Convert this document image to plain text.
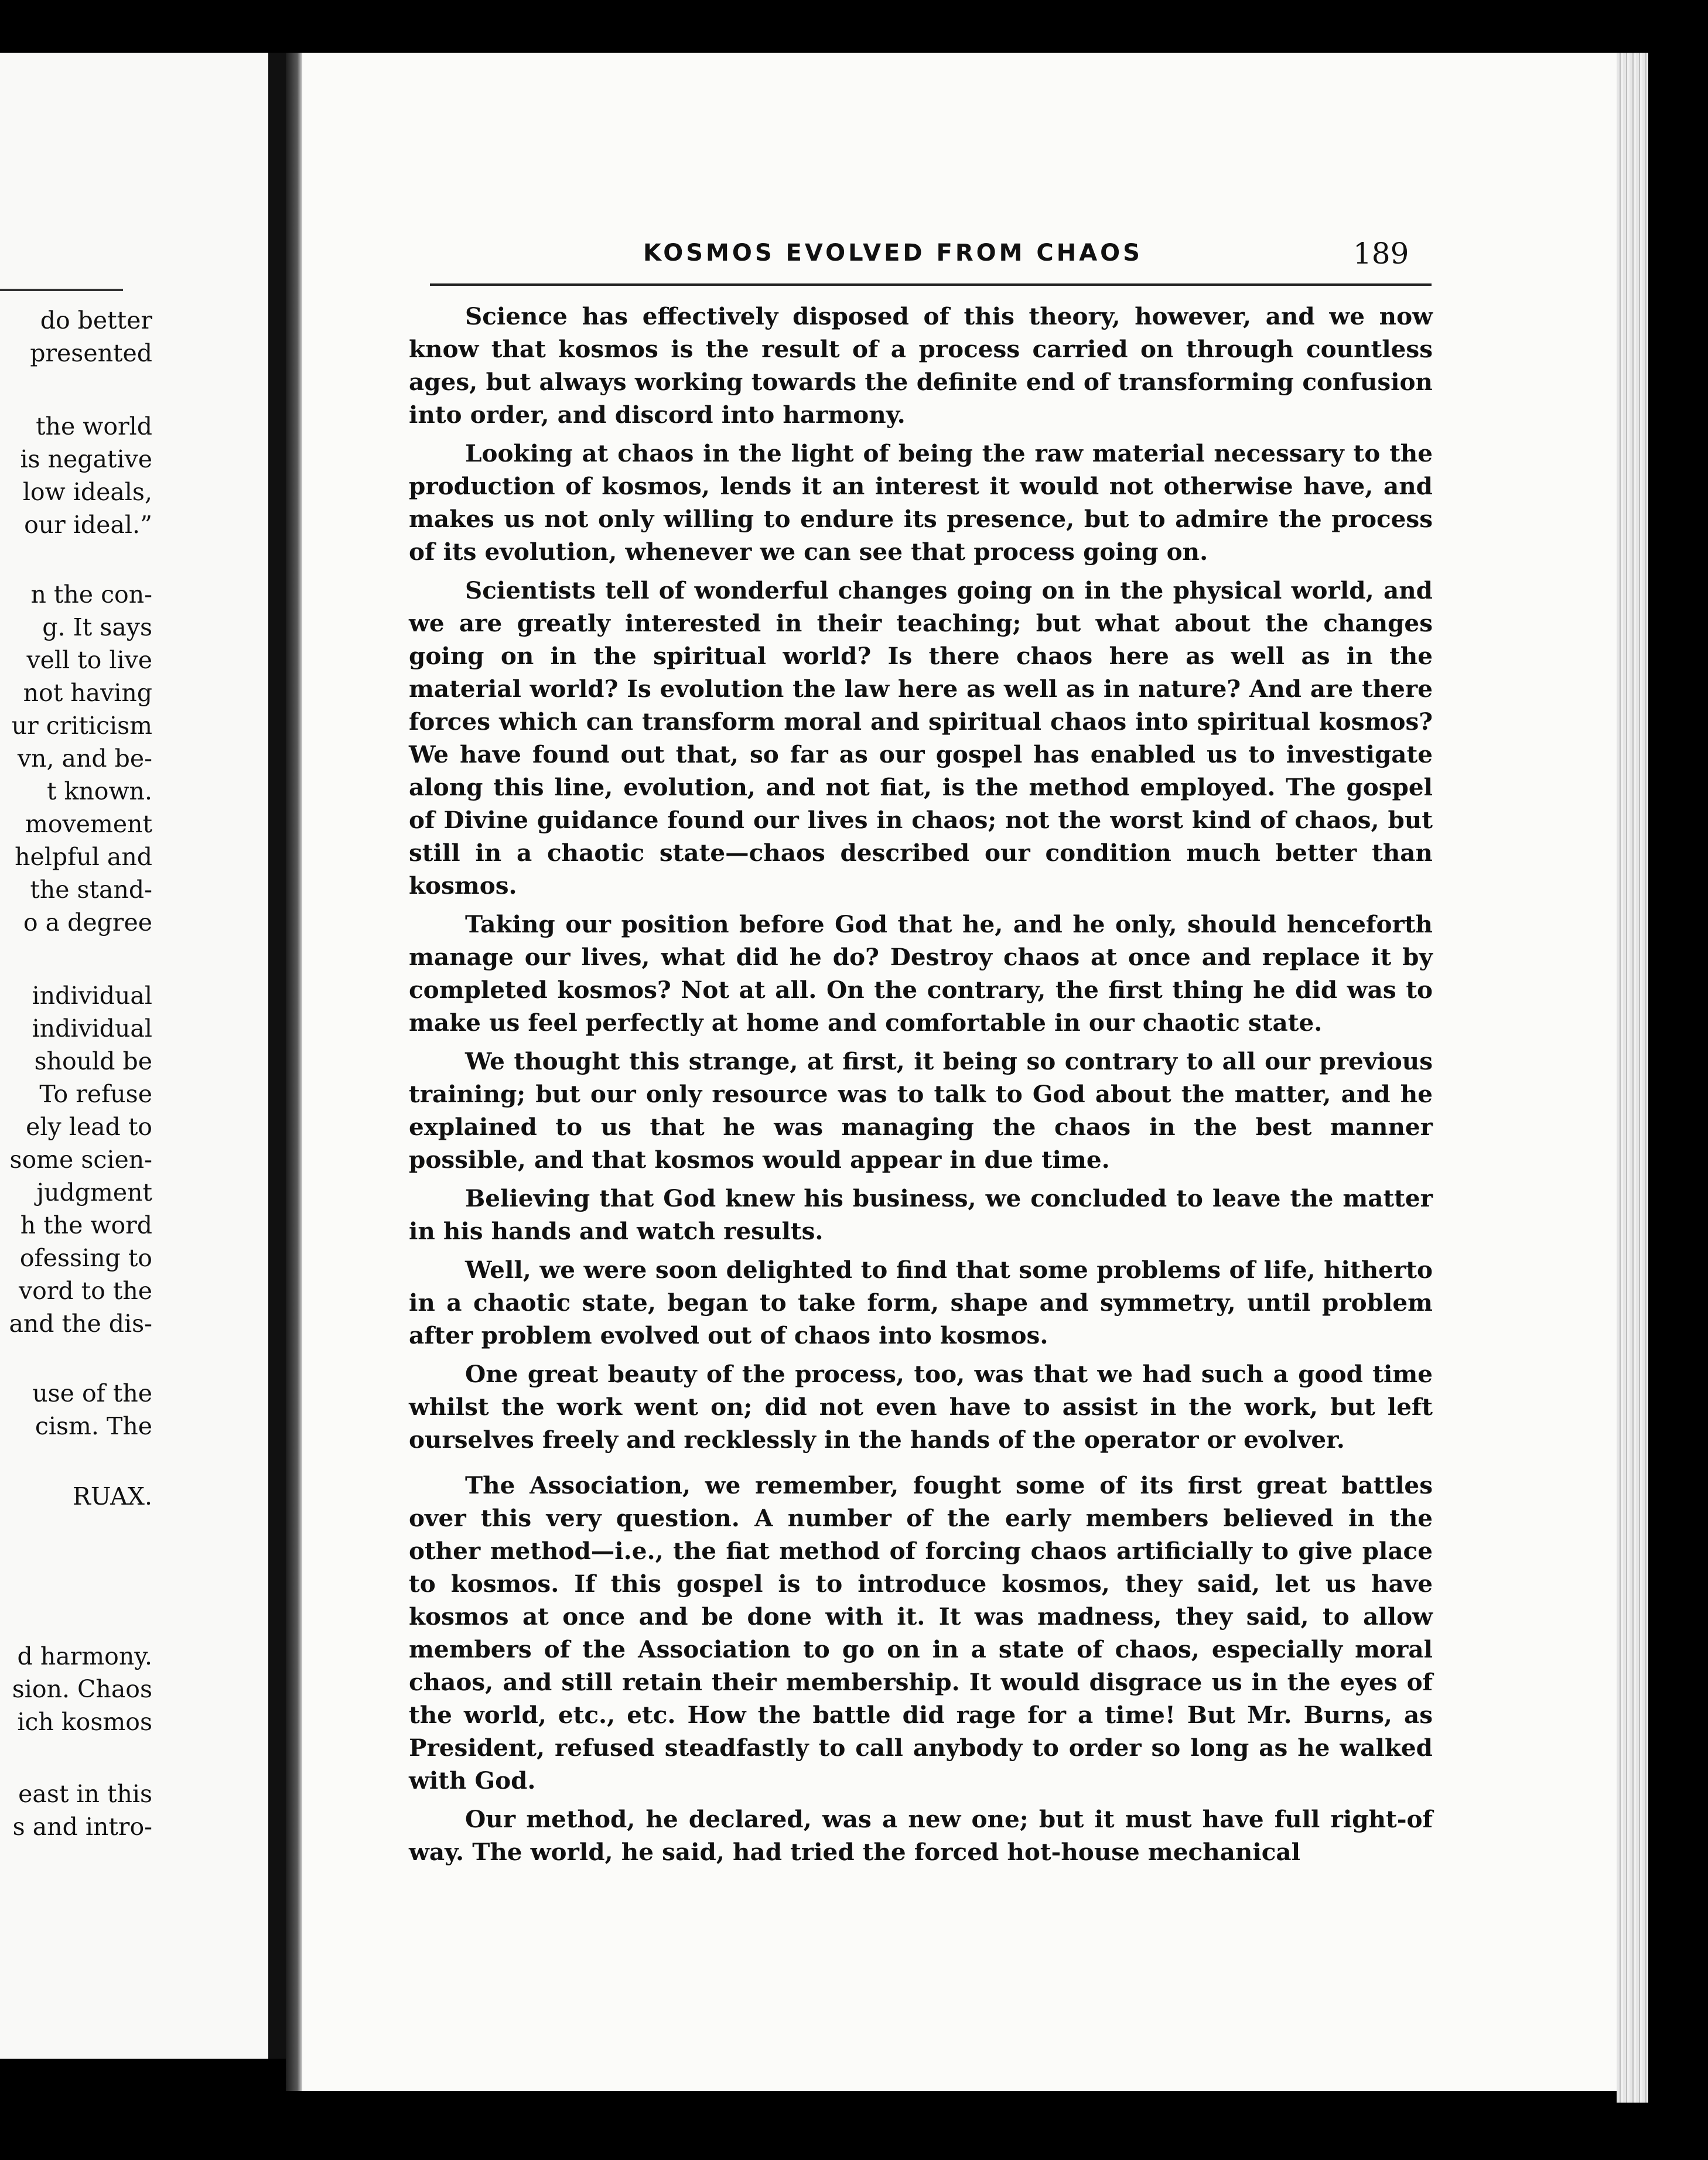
do better
presented
the world
is negative
low ideals,
our ideal.”
n the con-
g. It says
vell to live
not having
ur criticism
vn, and be-
t known.
movement
helpful and
the stand-
o a degree
individual
individual
should be
To refuse
ely lead to
some scien-
judgment
h the word
ofessing to
vord to the
and the dis-
use of the
cism. The
RUAX.
d harmony.
sion. Chaos
ich kosmos
east in this
s and intro-
KOSMOS EVOLVED FROM CHAOS	189

Science has effectively disposed of this theory, however, and we now know that kosmos is the result of a process carried on through countless ages, but always working towards the definite end of transforming confusion into order, and discord into harmony.

Looking at chaos in the light of being the raw material necessary to the production of kosmos, lends it an interest it would not otherwise have, and makes us not only willing to endure its presence, but to admire the process of its evolution, whenever we can see that process going on.

Scientists tell of wonderful changes going on in the physical world, and we are greatly interested in their teaching; but what about the changes going on in the spiritual world? Is there chaos here as well as in the material world? Is evolution the law here as well as in nature? And are there forces which can transform moral and spiritual chaos into spiritual kosmos? We have found out that, so far as our gospel has enabled us to investigate along this line, evolution, and not fiat, is the method employed. The gospel of Divine guidance found our lives in chaos; not the worst kind of chaos, but still in a chaotic state—chaos described our condition much better than kosmos.

Taking our position before God that he, and he only, should henceforth manage our lives, what did he do? Destroy chaos at once and replace it by completed kosmos? Not at all. On the contrary, the first thing he did was to make us feel perfectly at home and comfortable in our chaotic state.

We thought this strange, at first, it being so contrary to all our previous training; but our only resource was to talk to God about the matter, and he explained to us that he was managing the chaos in the best manner possible, and that kosmos would appear in due time.

Believing that God knew his business, we concluded to leave the matter in his hands and watch results.

Well, we were soon delighted to find that some problems of life, hitherto in a chaotic state, began to take form, shape and symmetry, until problem after problem evolved out of chaos into kosmos.

One great beauty of the process, too, was that we had such a good time whilst the work went on; did not even have to assist in the work, but left ourselves freely and recklessly in the hands of the operator or evolver.

The Association, we remember, fought some of its first great battles over this very question. A number of the early members believed in the other method—i.e., the fiat method of forcing chaos artificially to give place to kosmos. If this gospel is to introduce kosmos, they said, let us have kosmos at once and be done with it. It was madness, they said, to allow members of the Association to go on in a state of chaos, especially moral chaos, and still retain their membership. It would disgrace us in the eyes of the world, etc., etc. How the battle did rage for a time! But Mr. Burns, as President, refused steadfastly to call anybody to order so long as he walked with God.

Our method, he declared, was a new one; but it must have full right-of way. The world, he said, had tried the forced hot-house mechanical
